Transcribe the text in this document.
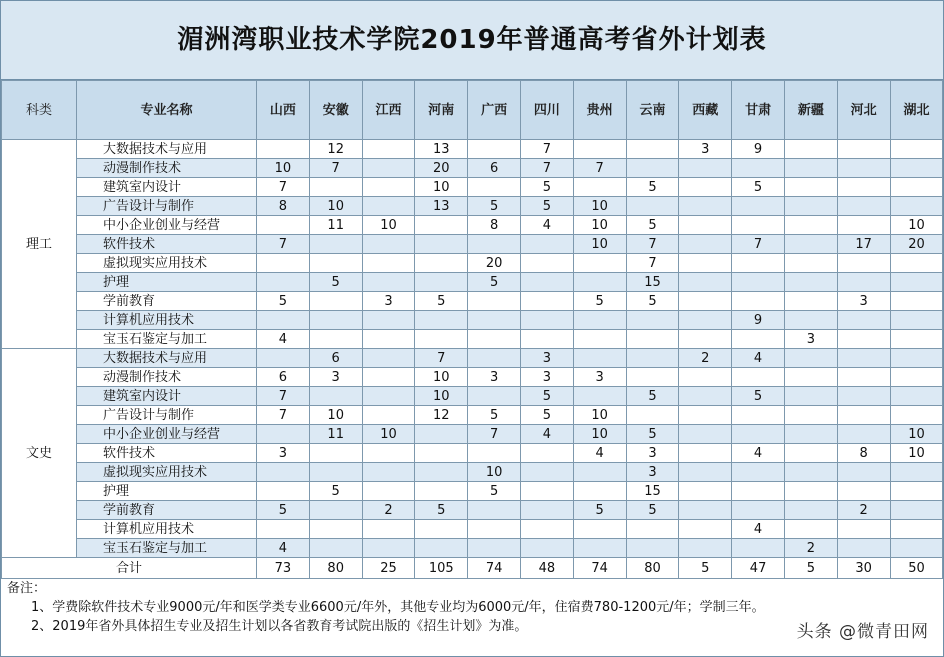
湄洲湾职业技术学院2019年普通高考省外计划表
科类	专业名称	山西	安徽	江西	河南	广西	四川	贵州	云南	西藏	甘肃	新疆	河北	湖北
理工	大数据技术与应用		12		13		7			3	9			
	动漫制作技术	10	7		20	6	7	7						
	建筑室内设计	7			10		5		5		5			
	广告设计与制作	8	10		13	5	5	10						
	中小企业创业与经营		11	10		8	4	10	5					10
	软件技术	7						10	7		7		17	20
	虚拟现实应用技术					20			7					
	护理		5			5			15					
	学前教育	5		3	5			5	5				3	
	计算机应用技术										9			
	宝玉石鉴定与加工	4										3		
文史	大数据技术与应用		6		7		3			2	4			
	动漫制作技术	6	3		10	3	3	3						
	建筑室内设计	7			10		5		5		5			
	广告设计与制作	7	10		12	5	5	10						
	中小企业创业与经营		11	10		7	4	10	5					10
	软件技术	3						4	3		4		8	10
	虚拟现实应用技术					10			3					
	护理		5			5			15					
	学前教育	5		2	5			5	5				2	
	计算机应用技术										4			
	宝玉石鉴定与加工	4										2		
合计		73	80	25	105	74	48	74	80	5	47	5	30	50
备注：
1、学费除软件技术专业9000元/年和医学类专业6600元/年外，其他专业均为6000元/年，住宿费780-1200元/年；学制三年。
2、2019年省外具体招生专业及招生计划以各省教育考试院出版的《招生计划》为准。	头条 @微青田网
